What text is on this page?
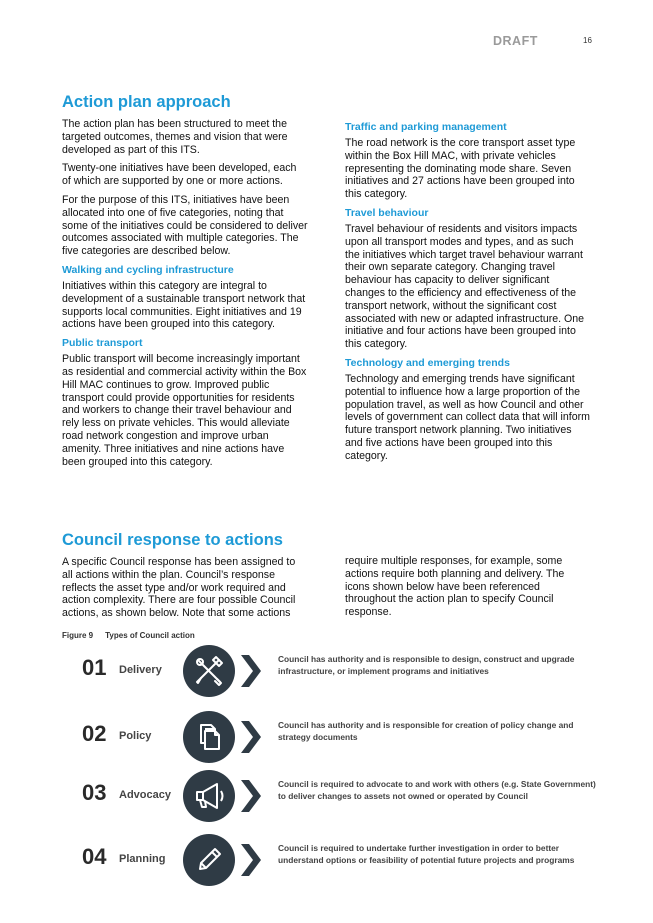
DRAFT	16
Action plan approach

The action plan has been structured to meet the targeted outcomes, themes and vision that were developed as part of this ITS.

Twenty-one initiatives have been developed, each of which are supported by one or more actions.

For the purpose of this ITS, initiatives have been allocated into one of five categories, noting that some of the initiatives could be considered to deliver outcomes associated with multiple categories. The five categories are described below.

Walking and cycling infrastructure

Initiatives within this category are integral to development of a sustainable transport network that supports local communities. Eight initiatives and 19 actions have been grouped into this category.

Public transport

Public transport will become increasingly important as residential and commercial activity within the Box Hill MAC continues to grow. Improved public transport could provide opportunities for residents and workers to change their travel behaviour and rely less on private vehicles. This would alleviate road network congestion and improve urban amenity. Three initiatives and nine actions have been grouped into this category.

Traffic and parking management

The road network is the core transport asset type within the Box Hill MAC, with private vehicles representing the dominating mode share. Seven initiatives and 27 actions have been grouped into this category.

Travel behaviour

Travel behaviour of residents and visitors impacts upon all transport modes and types, and as such the initiatives which target travel behaviour warrant their own separate category. Changing travel behaviour has capacity to deliver significant changes to the efficiency and effectiveness of the transport network, without the significant cost associated with new or adapted infrastructure. One initiative and four actions have been grouped into this category.

Technology and emerging trends

Technology and emerging trends have significant potential to influence how a large proportion of the population travel, as well as how Council and other levels of government can collect data that will inform future transport network planning. Two initiatives and five actions have been grouped into this category.

Council response to actions

A specific Council response has been assigned to all actions within the plan. Council’s response reflects the asset type and/or work required and action complexity. There are four possible Council actions, as shown below. Note that some actions

require multiple responses, for example, some actions require both planning and delivery. The icons shown below have been referenced throughout the action plan to specify Council response.

Figure 9 Types of Council action
01 Delivery
Council has authority and is responsible to design, construct and upgrade infrastructure, or implement programs and initiatives
02 Policy
Council has authority and is responsible for creation of policy change and strategy documents
03 Advocacy
Council is required to advocate to and work with others (e.g. State Government) to deliver changes to assets not owned or operated by Council
04 Planning
Council is required to undertake further investigation in order to better understand options or feasibility of potential future projects and programs
